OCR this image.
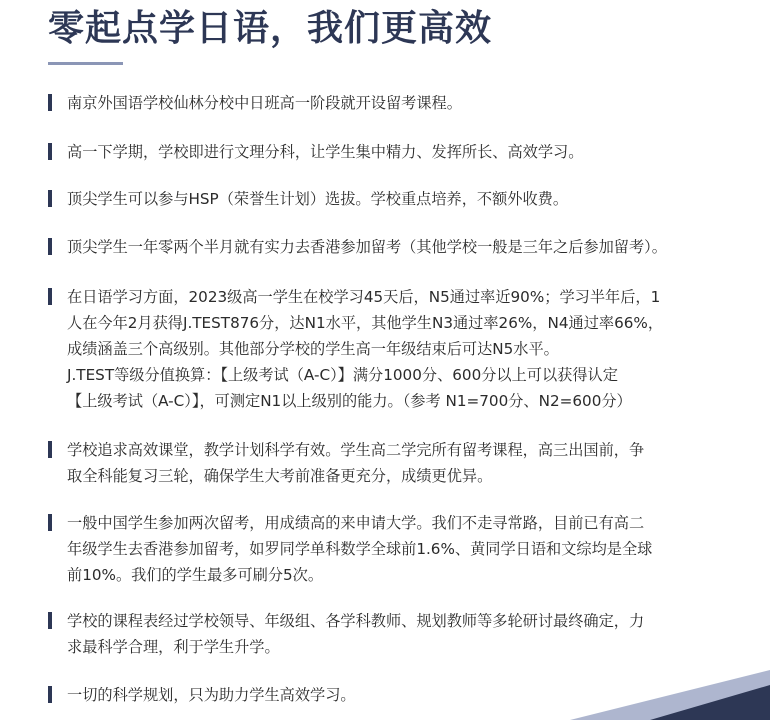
零起点学日语，我们更高效
南京外国语学校仙林分校中日班高一阶段就开设留考课程。
高一下学期，学校即进行文理分科，让学生集中精力、发挥所长、高效学习。
顶尖学生可以参与HSP（荣誉生计划）选拔。学校重点培养，不额外收费。
顶尖学生一年零两个半月就有实力去香港参加留考（其他学校一般是三年之后参加留考）。
在日语学习方面，2023级高一学生在校学习45天后，N5通过率近90%；学习半年后，1
人在今年2月获得J.TEST876分，达N1水平，其他学生N3通过率26%，N4通过率66%，
成绩涵盖三个高级别。其他部分学校的学生高一年级结束后可达N5水平。
J.TEST等级分值换算：【上级考试（A-C）】满分1000分、600分以上可以获得认定
【上级考试（A-C）】，可测定N1以上级别的能力。（参考 N1=700分、N2=600分）
学校追求高效课堂，教学计划科学有效。学生高二学完所有留考课程，高三出国前，争
取全科能复习三轮，确保学生大考前准备更充分，成绩更优异。
一般中国学生参加两次留考，用成绩高的来申请大学。我们不走寻常路，目前已有高二
年级学生去香港参加留考，如罗同学单科数学全球前1.6%、黄同学日语和文综均是全球
前10%。我们的学生最多可刷分5次。
学校的课程表经过学校领导、年级组、各学科教师、规划教师等多轮研讨最终确定，力
求最科学合理，利于学生升学。
一切的科学规划，只为助力学生高效学习。
